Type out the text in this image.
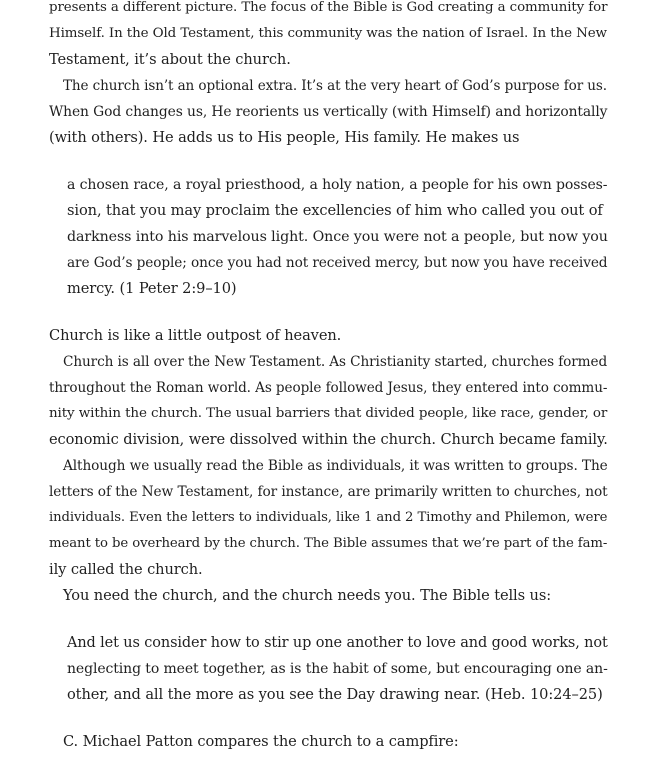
presents a different picture. The focus of the Bible is God creating a community for
Himself. In the Old Testament, this community was the nation of Israel. In the New
Testament, it’s about the church.
The church isn’t an optional extra. It’s at the very heart of God’s purpose for us.
When God changes us, He reorients us vertically (with Himself) and horizontally
(with others). He adds us to His people, His family. He makes us
a chosen race, a royal priesthood, a holy nation, a people for his own posses-
sion, that you may proclaim the excellencies of him who called you out of
darkness into his marvelous light. Once you were not a people, but now you
are God’s people; once you had not received mercy, but now you have received
mercy. (1 Peter 2:9–10)
Church is like a little outpost of heaven.
Church is all over the New Testament. As Christianity started, churches formed
throughout the Roman world. As people followed Jesus, they entered into commu-
nity within the church. The usual barriers that divided people, like race, gender, or
economic division, were dissolved within the church. Church became family.
Although we usually read the Bible as individuals, it was written to groups. The
letters of the New Testament, for instance, are primarily written to churches, not
individuals. Even the letters to individuals, like 1 and 2 Timothy and Philemon, were
meant to be overheard by the church. The Bible assumes that we’re part of the fam-
ily called the church.
You need the church, and the church needs you. The Bible tells us:
And let us consider how to stir up one another to love and good works, not
neglecting to meet together, as is the habit of some, but encouraging one an-
other, and all the more as you see the Day drawing near. (Heb. 10:24–25)
C. Michael Patton compares the church to a campfire:
